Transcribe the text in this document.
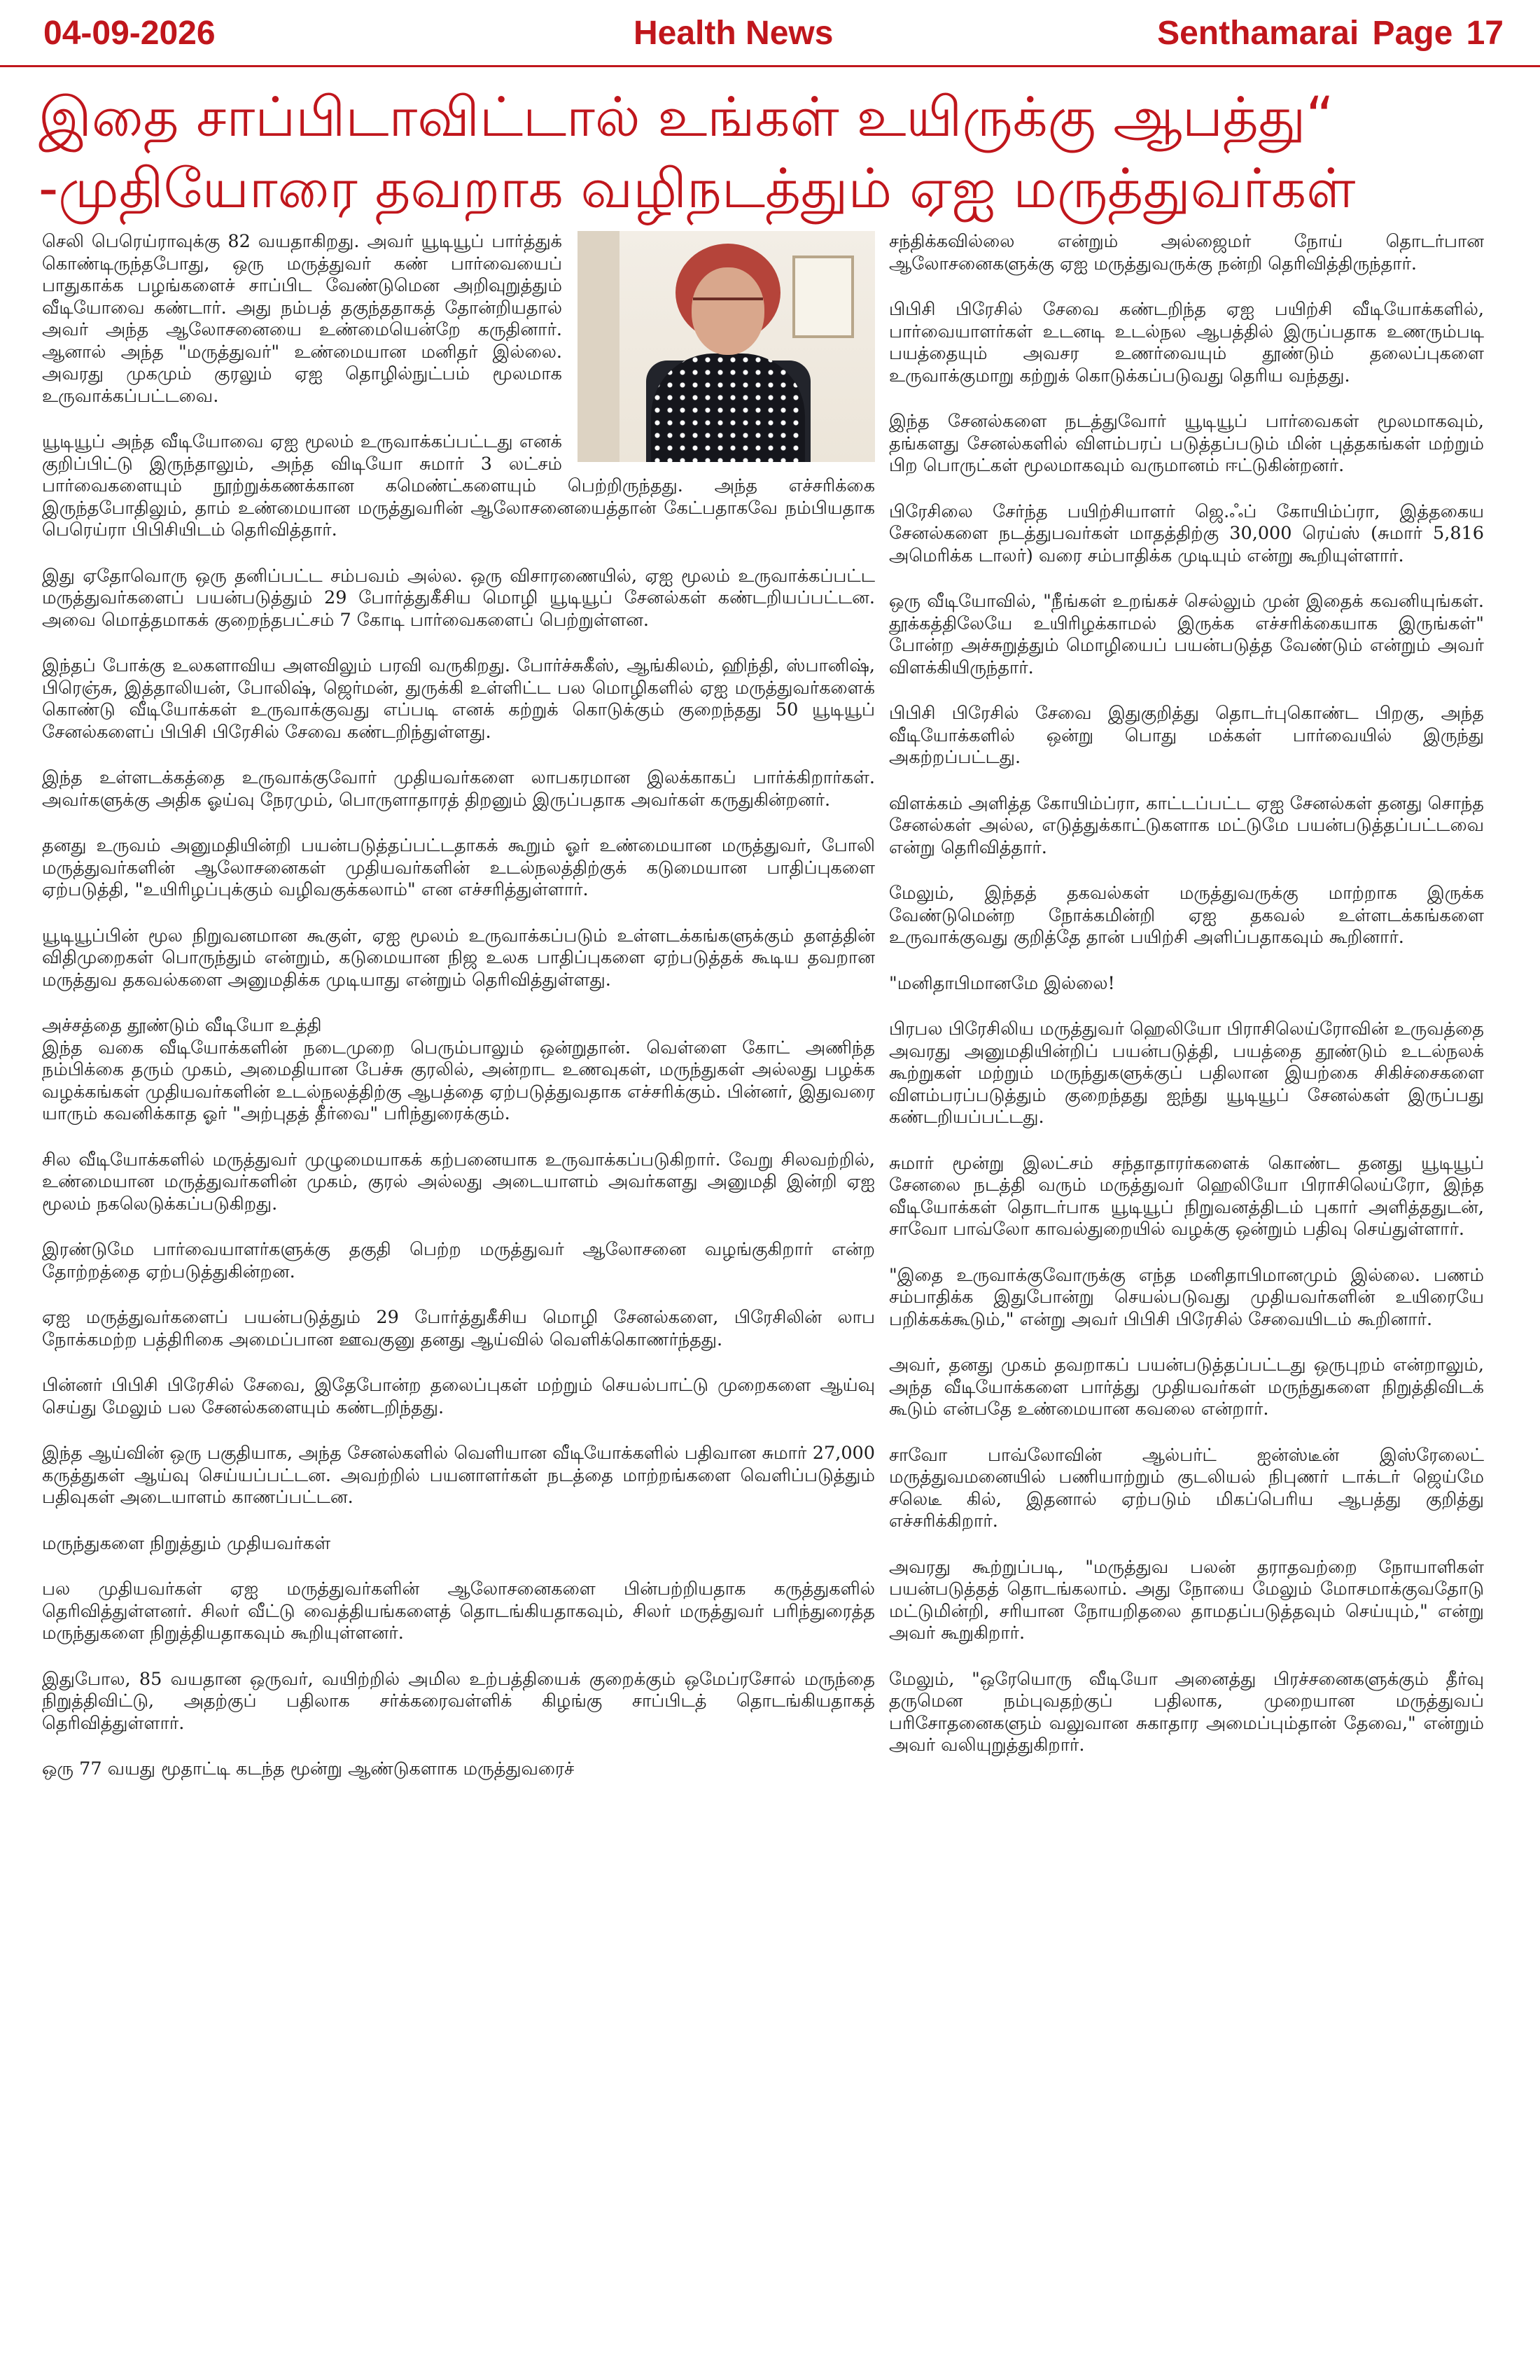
04-09-2026	Health News	Senthamarai Page 17
இதை சாப்பிடாவிட்டால் உங்கள் உயிருக்கு ஆபத்து“
-முதியோரை தவறாக வழிநடத்தும் ஏஐ மருத்துவர்கள்

செலி பெரெய்ராவுக்கு 82 வயதாகிறது. அவர் யூடியூப் பார்த்துக் கொண்டிருந்தபோது, ஒரு மருத்துவர் கண் பார்வையைப் பாதுகாக்க பழங்களைச் சாப்பிட வேண்டுமென அறிவுறுத்தும் வீடியோவை கண்டார். அது நம்பத் தகுந்ததாகத் தோன்றியதால் அவர் அந்த ஆலோசனையை உண்மையென்றே கருதினார். ஆனால் அந்த "மருத்துவர்" உண்மையான மனிதர் இல்லை. அவரது முகமும் குரலும் ஏஐ தொழில்நுட்பம் மூலமாக உருவாக்கப்பட்டவை.

யூடியூப் அந்த வீடியோவை ஏஐ மூலம் உருவாக்கப்பட்டது எனக் குறிப்பிட்டு இருந்தாலும், அந்த விடியோ சுமார் 3 லட்சம் பார்வைகளையும் நூற்றுக்கணக்கான கமெண்ட்களையும் பெற்றிருந்தது. அந்த எச்சரிக்கை இருந்தபோதிலும், தாம் உண்மையான மருத்துவரின் ஆலோசனையைத்தான் கேட்பதாகவே நம்பியதாக பெரெய்ரா பிபிசியிடம் தெரிவித்தார்.

இது ஏதோவொரு ஒரு தனிப்பட்ட சம்பவம் அல்ல. ஒரு விசாரணையில், ஏஐ மூலம் உருவாக்கப்பட்ட மருத்துவர்களைப் பயன்படுத்தும் 29 போர்த்துகீசிய மொழி யூடியூப் சேனல்கள் கண்டறியப்பட்டன. அவை மொத்தமாகக் குறைந்தபட்சம் 7 கோடி பார்வைகளைப் பெற்றுள்ளன.

இந்தப் போக்கு உலகளாவிய அளவிலும் பரவி வருகிறது. போர்ச்சுகீஸ், ஆங்கிலம், ஹிந்தி, ஸ்பானிஷ், பிரெஞ்சு, இத்தாலியன், போலிஷ், ஜெர்மன், துருக்கி உள்ளிட்ட பல மொழிகளில் ஏஐ மருத்துவர்களைக் கொண்டு வீடியோக்கள் உருவாக்குவது எப்படி எனக் கற்றுக் கொடுக்கும் குறைந்தது 50 யூடியூப் சேனல்களைப் பிபிசி பிரேசில் சேவை கண்டறிந்துள்ளது.

இந்த உள்ளடக்கத்தை உருவாக்குவோர் முதியவர்களை லாபகரமான இலக்காகப் பார்க்கிறார்கள். அவர்களுக்கு அதிக ஓய்வு நேரமும், பொருளாதாரத் திறனும் இருப்பதாக அவர்கள் கருதுகின்றனர்.

தனது உருவம் அனுமதியின்றி பயன்படுத்தப்பட்டதாகக் கூறும் ஓர் உண்மையான மருத்துவர், போலி மருத்துவர்களின் ஆலோசனைகள் முதியவர்களின் உடல்நலத்திற்குக் கடுமையான பாதிப்புகளை ஏற்படுத்தி, "உயிரிழப்புக்கும் வழிவகுக்கலாம்" என எச்சரித்துள்ளார்.

யூடியூப்பின் மூல நிறுவனமான கூகுள், ஏஐ மூலம் உருவாக்கப்படும் உள்ளடக்கங்களுக்கும் தளத்தின் விதிமுறைகள் பொருந்தும் என்றும், கடுமையான நிஜ உலக பாதிப்புகளை ஏற்படுத்தக் கூடிய தவறான மருத்துவ தகவல்களை அனுமதிக்க முடியாது என்றும் தெரிவித்துள்ளது.

அச்சத்தை தூண்டும் வீடியோ உத்தி
இந்த வகை வீடியோக்களின் நடைமுறை பெரும்பாலும் ஒன்றுதான். வெள்ளை கோட் அணிந்த நம்பிக்கை தரும் முகம், அமைதியான பேச்சு குரலில், அன்றாட உணவுகள், மருந்துகள் அல்லது பழக்க வழக்கங்கள் முதியவர்களின் உடல்நலத்திற்கு ஆபத்தை ஏற்படுத்துவதாக எச்சரிக்கும். பின்னர், இதுவரை யாரும் கவனிக்காத ஓர் "அற்புதத் தீர்வை" பரிந்துரைக்கும்.

சில வீடியோக்களில் மருத்துவர் முழுமையாகக் கற்பனையாக உருவாக்கப்படுகிறார். வேறு சிலவற்றில், உண்மையான மருத்துவர்களின் முகம், குரல் அல்லது அடையாளம் அவர்களது அனுமதி இன்றி ஏஐ மூலம் நகலெடுக்கப்படுகிறது.

இரண்டுமே பார்வையாளர்களுக்கு தகுதி பெற்ற மருத்துவர் ஆலோசனை வழங்குகிறார் என்ற தோற்றத்தை ஏற்படுத்துகின்றன.

ஏஐ மருத்துவர்களைப் பயன்படுத்தும் 29 போர்த்துகீசிய மொழி சேனல்களை, பிரேசிலின் லாப நோக்கமற்ற பத்திரிகை அமைப்பான ஊவகுனு தனது ஆய்வில் வெளிக்கொணர்ந்தது.

பின்னர் பிபிசி பிரேசில் சேவை, இதேபோன்ற தலைப்புகள் மற்றும் செயல்பாட்டு முறைகளை ஆய்வு செய்து மேலும் பல சேனல்களையும் கண்டறிந்தது.

இந்த ஆய்வின் ஒரு பகுதியாக, அந்த சேனல்களில் வெளியான வீடியோக்களில் பதிவான சுமார் 27,000 கருத்துகள் ஆய்வு செய்யப்பட்டன. அவற்றில் பயனாளர்கள் நடத்தை மாற்றங்களை வெளிப்படுத்தும் பதிவுகள் அடையாளம் காணப்பட்டன.

மருந்துகளை நிறுத்தும் முதியவர்கள்

பல முதியவர்கள் ஏஐ மருத்துவர்களின் ஆலோசனைகளை பின்பற்றியதாக கருத்துகளில் தெரிவித்துள்ளனர். சிலர் வீட்டு வைத்தியங்களைத் தொடங்கியதாகவும், சிலர் மருத்துவர் பரிந்துரைத்த மருந்துகளை நிறுத்தியதாகவும் கூறியுள்ளனர்.

இதுபோல, 85 வயதான ஒருவர், வயிற்றில் அமில உற்பத்தியைக் குறைக்கும் ஒமேப்ரசோல் மருந்தை நிறுத்திவிட்டு, அதற்குப் பதிலாக சர்க்கரைவள்ளிக் கிழங்கு சாப்பிடத் தொடங்கியதாகத் தெரிவித்துள்ளார்.

ஒரு 77 வயது மூதாட்டி கடந்த மூன்று ஆண்டுகளாக மருத்துவரைச்

சந்திக்கவில்லை என்றும் அல்ஜைமர் நோய் தொடர்பான ஆலோசனைகளுக்கு ஏஐ மருத்துவருக்கு நன்றி தெரிவித்திருந்தார்.

பிபிசி பிரேசில் சேவை கண்டறிந்த ஏஐ பயிற்சி வீடியோக்களில், பார்வையாளர்கள் உடனடி உடல்நல ஆபத்தில் இருப்பதாக உணரும்படி பயத்தையும் அவசர உணர்வையும் தூண்டும் தலைப்புகளை உருவாக்குமாறு கற்றுக் கொடுக்கப்படுவது தெரிய வந்தது.

இந்த சேனல்களை நடத்துவோர் யூடியூப் பார்வைகள் மூலமாகவும், தங்களது சேனல்களில் விளம்பரப் படுத்தப்படும் மின் புத்தகங்கள் மற்றும் பிற பொருட்கள் மூலமாகவும் வருமானம் ஈட்டுகின்றனர்.

பிரேசிலை சேர்ந்த பயிற்சியாளர் ஜெ.ஃப் கோயிம்ப்ரா, இத்தகைய சேனல்களை நடத்துபவர்கள் மாதத்திற்கு 30,000 ரெய்ஸ் (சுமார் 5,816 அமெரிக்க டாலர்) வரை சம்பாதிக்க முடியும் என்று கூறியுள்ளார்.

ஒரு வீடியோவில், "நீங்கள் உறங்கச் செல்லும் முன் இதைக் கவனியுங்கள். தூக்கத்திலேயே உயிரிழக்காமல் இருக்க எச்சரிக்கையாக இருங்கள்" போன்ற அச்சுறுத்தும் மொழியைப் பயன்படுத்த வேண்டும் என்றும் அவர் விளக்கியிருந்தார்.

பிபிசி பிரேசில் சேவை இதுகுறித்து தொடர்புகொண்ட பிறகு, அந்த வீடியோக்களில் ஒன்று பொது மக்கள் பார்வையில் இருந்து அகற்றப்பட்டது.

விளக்கம் அளித்த கோயிம்ப்ரா, காட்டப்பட்ட ஏஐ சேனல்கள் தனது சொந்த சேனல்கள் அல்ல, எடுத்துக்காட்டுகளாக மட்டுமே பயன்படுத்தப்பட்டவை என்று தெரிவித்தார்.

மேலும், இந்தத் தகவல்கள் மருத்துவருக்கு மாற்றாக இருக்க வேண்டுமென்ற நோக்கமின்றி ஏஐ தகவல் உள்ளடக்கங்களை உருவாக்குவது குறித்தே தான் பயிற்சி அளிப்பதாகவும் கூறினார்.

"மனிதாபிமானமே இல்லை!

பிரபல பிரேசிலிய மருத்துவர் ஹெலியோ பிராசிலெய்ரோவின் உருவத்தை அவரது அனுமதியின்றிப் பயன்படுத்தி, பயத்தை தூண்டும் உடல்நலக் கூற்றுகள் மற்றும் மருந்துகளுக்குப் பதிலான இயற்கை சிகிச்சைகளை விளம்பரப்படுத்தும் குறைந்தது ஐந்து யூடியூப் சேனல்கள் இருப்பது கண்டறியப்பட்டது.

சுமார் மூன்று இலட்சம் சந்தாதாரர்களைக் கொண்ட தனது யூடியூப் சேனலை நடத்தி வரும் மருத்துவர் ஹெலியோ பிராசிலெய்ரோ, இந்த வீடியோக்கள் தொடர்பாக யூடியூப் நிறுவனத்திடம் புகார் அளித்ததுடன், சாவோ பாவ்லோ காவல்துறையில் வழக்கு ஒன்றும் பதிவு செய்துள்ளார்.

"இதை உருவாக்குவோருக்கு எந்த மனிதாபிமானமும் இல்லை. பணம் சம்பாதிக்க இதுபோன்று செயல்படுவது முதியவர்களின் உயிரையே பறிக்கக்கூடும்," என்று அவர் பிபிசி பிரேசில் சேவையிடம் கூறினார்.

அவர், தனது முகம் தவறாகப் பயன்படுத்தப்பட்டது ஒருபுறம் என்றாலும், அந்த வீடியோக்களை பார்த்து முதியவர்கள் மருந்துகளை நிறுத்திவிடக் கூடும் என்பதே உண்மையான கவலை என்றார்.

சாவோ பாவ்லோவின் ஆல்பர்ட் ஐன்ஸ்டீன் இஸ்ரேலைட் மருத்துவமனையில் பணியாற்றும் குடலியல் நிபுணர் டாக்டர் ஜெய்மே சலெடீ கில், இதனால் ஏற்படும் மிகப்பெரிய ஆபத்து குறித்து எச்சரிக்கிறார்.

அவரது கூற்றுப்படி, "மருத்துவ பலன் தராதவற்றை நோயாளிகள் பயன்படுத்தத் தொடங்கலாம். அது நோயை மேலும் மோசமாக்குவதோடு மட்டுமின்றி, சரியான நோயறிதலை தாமதப்படுத்தவும் செய்யும்," என்று அவர் கூறுகிறார்.

மேலும், "ஒரேயொரு வீடியோ அனைத்து பிரச்சனைகளுக்கும் தீர்வு தருமென நம்புவதற்குப் பதிலாக, முறையான மருத்துவப் பரிசோதனைகளும் வலுவான சுகாதார அமைப்பும்தான் தேவை," என்றும் அவர் வலியுறுத்துகிறார்.
